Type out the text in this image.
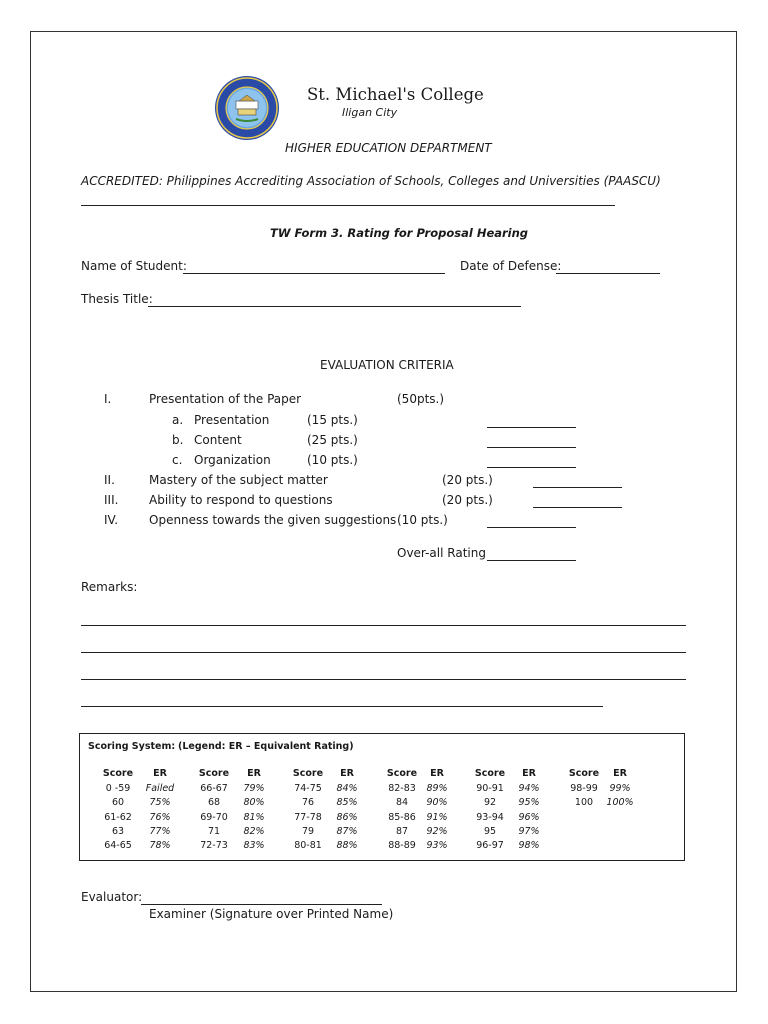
St. Michael's College
Iligan City
HIGHER EDUCATION DEPARTMENT
ACCREDITED: Philippines Accrediting Association of Schools, Colleges and Universities (PAASCU)
TW Form 3. Rating for Proposal Hearing
Name of Student:	Date of Defense:
Thesis Title:
EVALUATION CRITERIA
I.	Presentation of the Paper	(50pts.)
a. Presentation	(15 pts.)
b. Content	(25 pts.)
c. Organization	(10 pts.)
II.	Mastery of the subject matter	(20 pts.)
III.	Ability to respond to questions	(20 pts.)
IV.	Openness towards the given suggestions (10 pts.)
Over-all Rating
Remarks:
Scoring System: (Legend: ER – Equivalent Rating)
Score ER
0 -59 Failed
60	75%
61-62 76%
63	77%
64-65 78%
Score ER
66-67 79%
68 80%
69-70 81%
71 82%
72-73 83%
Score ER
74-75 84%
76 85%
77-78 86%
79 87%
80-81 88%
Score ER
82-83 89%
84 90%
85-86 91%
87 92%
88-89 93%
Score ER
90-91 94%
92 95%
93-94 96%
95 97%
96-97 98%
Score ER
98-99 99%
100 100%
Evaluator:
Examiner (Signature over Printed Name)
